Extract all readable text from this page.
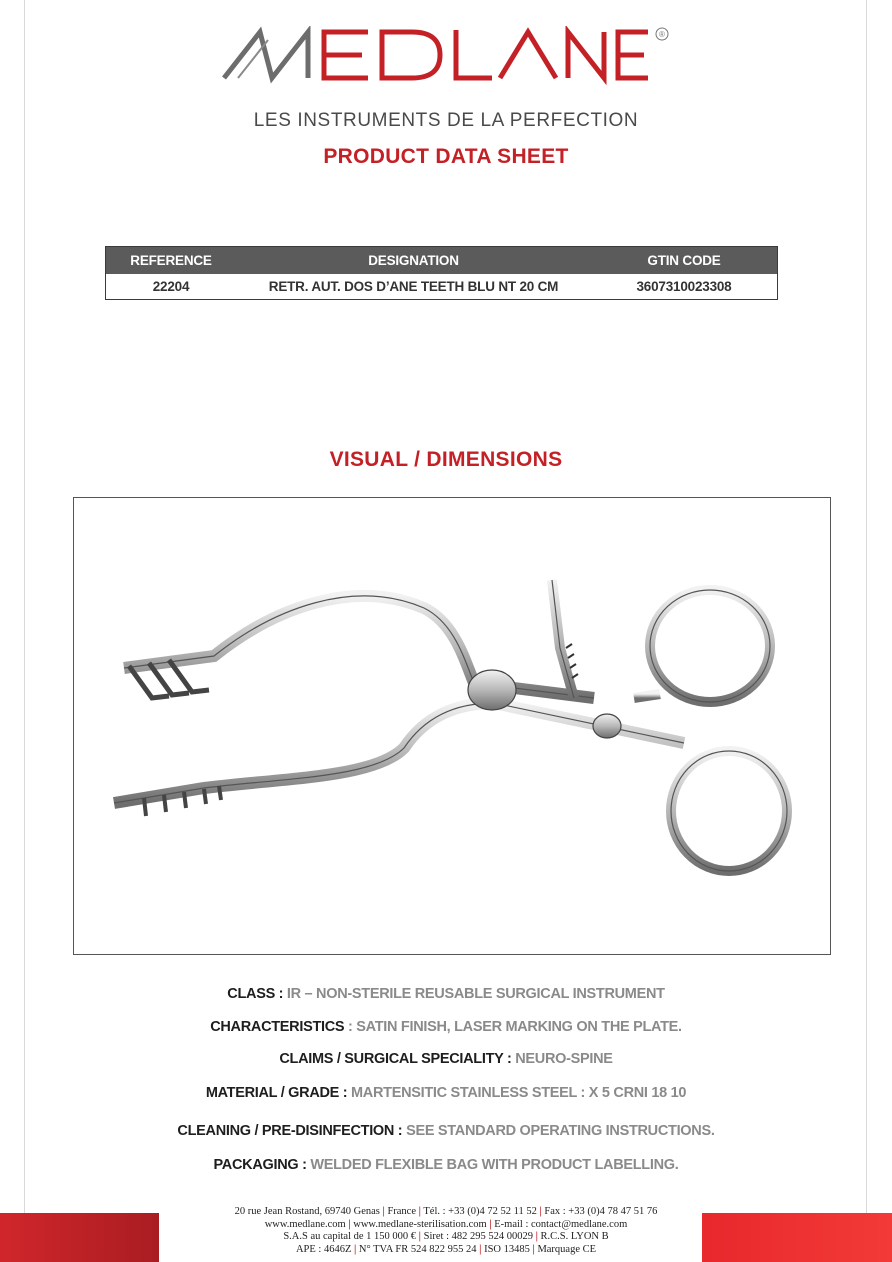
®
LES INSTRUMENTS DE LA PERFECTION
PRODUCT DATA SHEET
REFERENCE	DESIGNATION	GTIN CODE
22204	RETR. AUT. DOS D’ANE TEETH BLU NT 20 CM	3607310023308
VISUAL / DIMENSIONS
CLASS : IR – NON-STERILE REUSABLE SURGICAL INSTRUMENT
CHARACTERISTICS : SATIN FINISH, LASER MARKING ON THE PLATE.
CLAIMS / SURGICAL SPECIALITY : NEURO-SPINE
MATERIAL / GRADE : MARTENSITIC STAINLESS STEEL : X 5 CRNI 18 10
CLEANING / PRE-DISINFECTION : SEE STANDARD OPERATING INSTRUCTIONS.
PACKAGING : WELDED FLEXIBLE BAG WITH PRODUCT LABELLING.
20 rue Jean Rostand, 69740 Genas | France | Tél. : +33 (0)4 72 52 11 52 | Fax : +33 (0)4 78 47 51 76
www.medlane.com | www.medlane-sterilisation.com | E-mail : contact@medlane.com
S.A.S au capital de 1 150 000 € | Siret : 482 295 524 00029 | R.C.S. LYON B
APE : 4646Z | N° TVA FR 524 822 955 24 | ISO 13485 | Marquage CE
